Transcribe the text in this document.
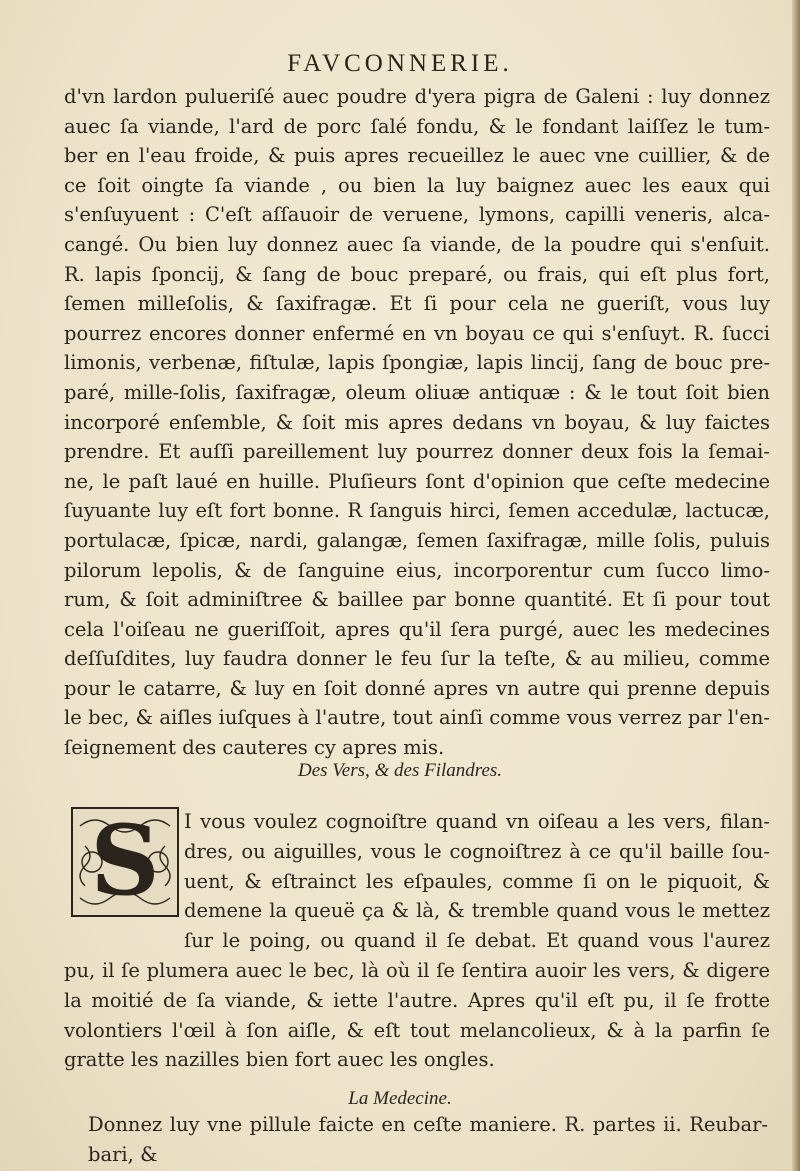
FAVCONNERIE.
d'vn lardon pulueriſé auec poudre d'yera pigra de Galeni : luy donnez
auec ſa viande, l'ard de porc ſalé fondu, & le fondant laiſſez le tum-
ber en l'eau froide, & puis apres recueillez le auec vne cuillier, & de
ce ſoit oingte ſa viande , ou bien la luy baignez auec les eaux qui
s'enſuyuent : C'eſt aſſauoir de veruene, lymons, capilli veneris, alca-
cangé. Ou bien luy donnez auec ſa viande, de la poudre qui s'enſuit.
R. lapis ſponcij, & ſang de bouc preparé, ou frais, qui eſt plus fort,
ſemen milleſolis, & ſaxifragæ. Et ſi pour cela ne gueriſt, vous luy
pourrez encores donner enfermé en vn boyau ce qui s'enſuyt. R. ſucci
limonis, verbenæ, fiſtulæ, lapis ſpongiæ, lapis lincij, ſang de bouc pre-
paré, mille-ſolis, ſaxifragæ, oleum oliuæ antiquæ : & le tout ſoit bien
incorporé enſemble, & ſoit mis apres dedans vn boyau, & luy faictes
prendre. Et auſſi pareillement luy pourrez donner deux fois la ſemai-
ne, le paſt laué en huille. Pluſieurs ſont d'opinion que ceſte medecine
ſuyuante luy eſt fort bonne. R ſanguis hirci, ſemen accedulæ, lactucæ,
portulacæ, ſpicæ, nardi, galangæ, ſemen ſaxifragæ, mille ſolis, puluis
pilorum lepolis, & de ſanguine eius, incorporentur cum ſucco limo-
rum, & ſoit adminiſtree & baillee par bonne quantité. Et ſi pour tout
cela l'oiſeau ne gueriſſoit, apres qu'il ſera purgé, auec les medecines
deſſuſdites, luy faudra donner le feu ſur la teſte, & au milieu, comme
pour le catarre, & luy en ſoit donné apres vn autre qui prenne depuis
le bec, & aiſles iuſques à l'autre, tout ainſi comme vous verrez par l'en-
ſeignement des cauteres cy apres mis.
Des Vers, & des Filandres.
S	I vous voulez cognoiſtre quand vn oiſeau a les vers, filan-
dres, ou aiguilles, vous le cognoiſtrez à ce qu'il baille ſou-
uent, & eſtrainct les eſpaules, comme ſi on le piquoit, &
demene la queuë ça & là, & tremble quand vous le mettez
ſur le poing, ou quand il ſe debat. Et quand vous l'aurez
pu, il ſe plumera auec le bec, là où il ſe ſentira auoir les vers, & digere
la moitié de ſa viande, & iette l'autre. Apres qu'il eſt pu, il ſe frotte
volontiers l'œil à ſon aiſle, & eſt tout melancolieux, & à la parfin ſe
gratte les nazilles bien fort auec les ongles.
La Medecine.
Donnez luy vne pillule faicte en ceſte maniere. R. partes ii. Reubar-
bari, &
